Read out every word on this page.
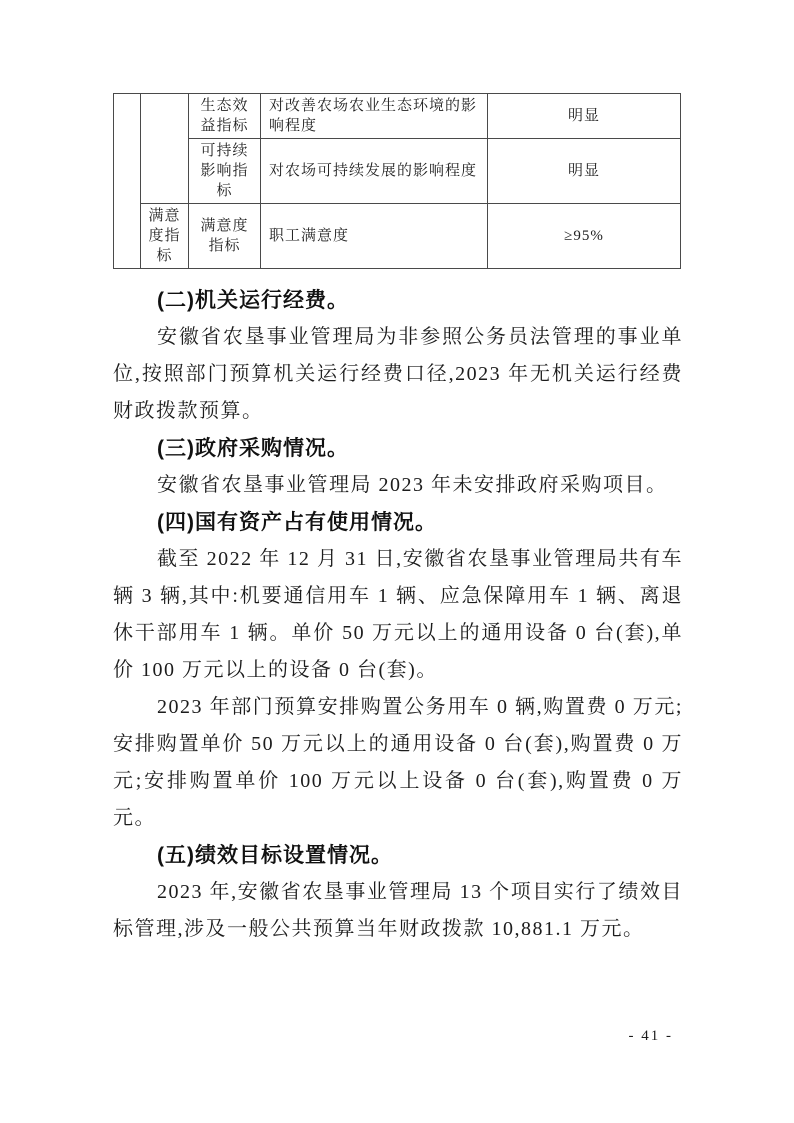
		生态效益指标	对改善农场农业生态环境的影响程度	明显
		可持续影响指标	对农场可持续发展的影响程度	明显
	满意度指标	满意度指标	职工满意度	≥95%
(二)机关运行经费。

安徽省农垦事业管理局为非参照公务员法管理的事业单位,按照部门预算机关运行经费口径,2023 年无机关运行经费财政拨款预算。

(三)政府采购情况。

安徽省农垦事业管理局 2023 年未安排政府采购项目。

(四)国有资产占有使用情况。

截至 2022 年 12 月 31 日,安徽省农垦事业管理局共有车辆 3 辆,其中:机要通信用车 1 辆、应急保障用车 1 辆、离退休干部用车 1 辆。单价 50 万元以上的通用设备 0 台(套),单价 100 万元以上的设备 0 台(套)。

2023 年部门预算安排购置公务用车 0 辆,购置费 0 万元;安排购置单价 50 万元以上的通用设备 0 台(套),购置费 0 万元;安排购置单价 100 万元以上设备 0 台(套),购置费 0 万元。

(五)绩效目标设置情况。

2023 年,安徽省农垦事业管理局 13 个项目实行了绩效目标管理,涉及一般公共预算当年财政拨款 10,881.1 万元。

- 41 -
